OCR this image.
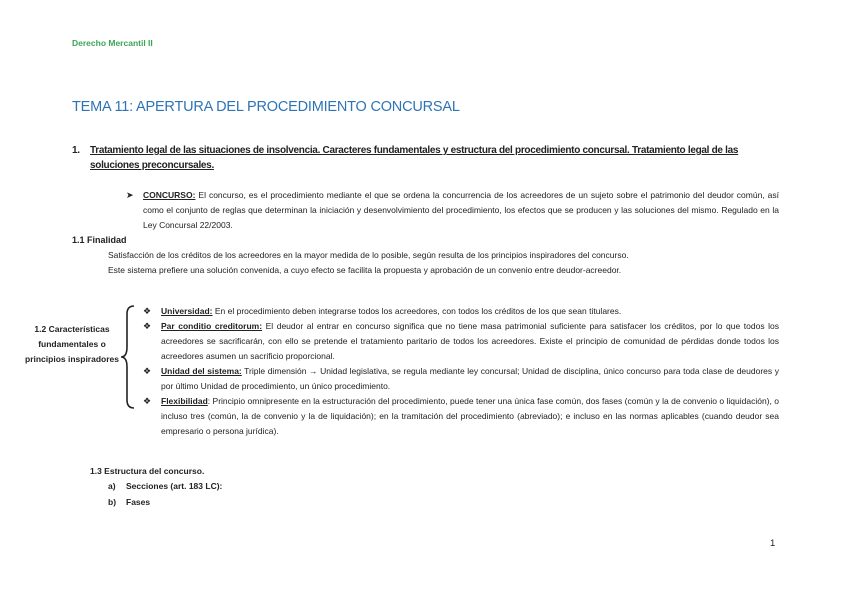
Derecho Mercantil II
TEMA 11: APERTURA DEL PROCEDIMIENTO CONCURSAL
1. Tratamiento legal de las situaciones de insolvencia. Caracteres fundamentales y estructura del procedimiento concursal. Tratamiento legal de las soluciones preconcursales.
➤ CONCURSO: El concurso, es el procedimiento mediante el que se ordena la concurrencia de los acreedores de un sujeto sobre el patrimonio del deudor común, así como el conjunto de reglas que determinan la iniciación y desenvolvimiento del procedimiento, los efectos que se producen y las soluciones del mismo. Regulado en la Ley Concursal 22/2003.
1.1 Finalidad
Satisfacción de los créditos de los acreedores en la mayor medida de lo posible, según resulta de los principios inspiradores del concurso.
Este sistema prefiere una solución convenida, a cuyo efecto se facilita la propuesta y aprobación de un convenio entre deudor-acreedor.
1.2 Características fundamentales o principios inspiradores
❖ Universidad: En el procedimiento deben integrarse todos los acreedores, con todos los créditos de los que sean titulares.
❖ Par conditio creditorum: El deudor al entrar en concurso significa que no tiene masa patrimonial suficiente para satisfacer los créditos, por lo que todos los acreedores se sacrificarán, con ello se pretende el tratamiento paritario de todos los acreedores. Existe el principio de comunidad de pérdidas donde todos los acreedores asumen un sacrificio proporcional.
❖ Unidad del sistema: Triple dimensión → Unidad legislativa, se regula mediante ley concursal; Unidad de disciplina, único concurso para toda clase de deudores y por último Unidad de procedimiento, un único procedimiento.
❖ Flexibilidad: Principio omnipresente en la estructuración del procedimiento, puede tener una única fase común, dos fases (común y la de convenio o liquidación), o incluso tres (común, la de convenio y la de liquidación); en la tramitación del procedimiento (abreviado); e incluso en las normas aplicables (cuando deudor sea empresario o persona jurídica).
1.3 Estructura del concurso.
a) Secciones (art. 183 LC):
b) Fases
1
